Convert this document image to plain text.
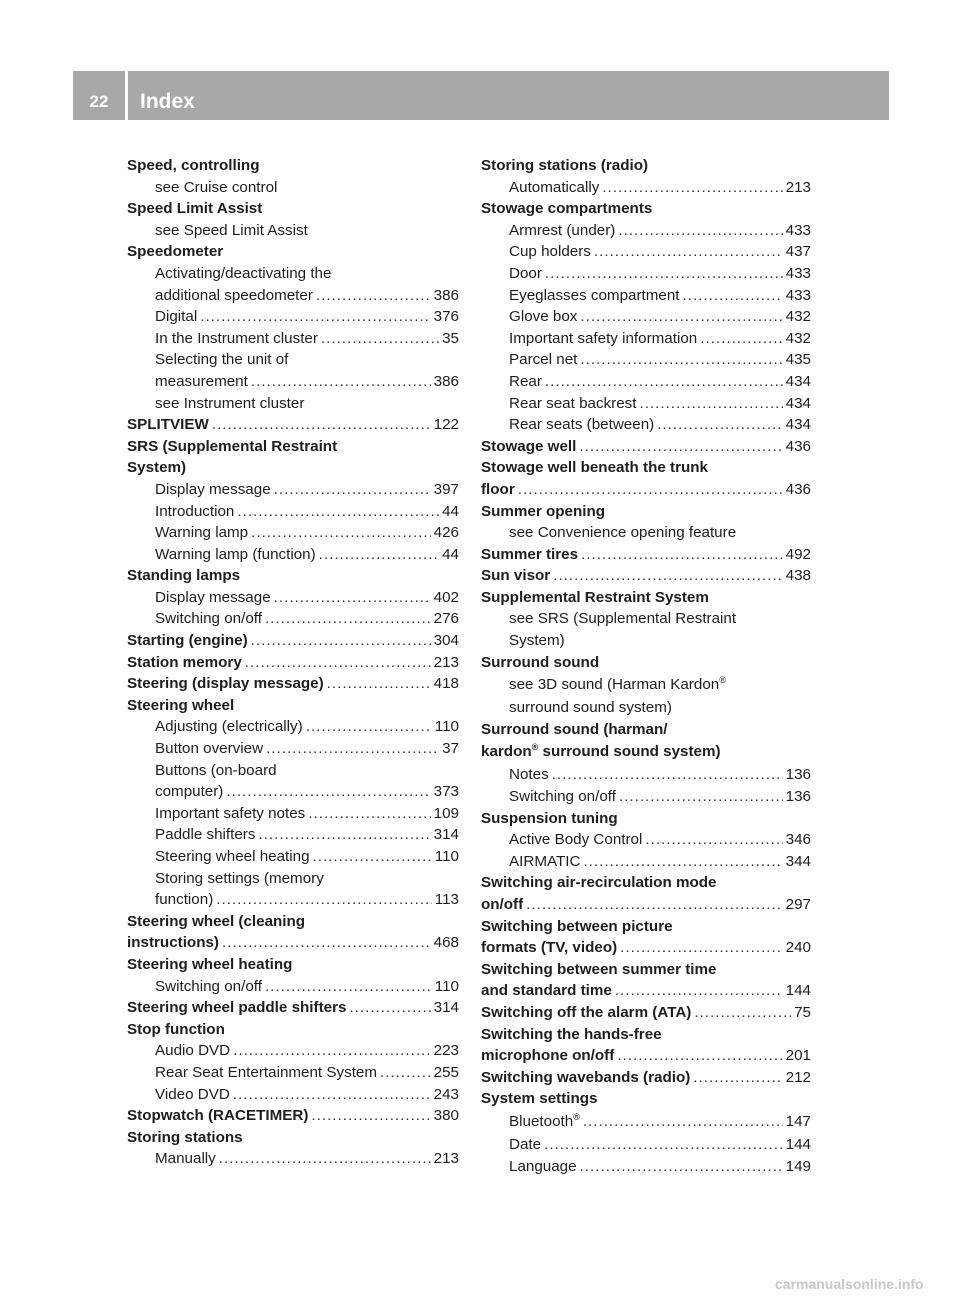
22	Index
Speed, controlling
see Cruise control
Speed Limit Assist
see Speed Limit Assist
Speedometer
Activating/deactivating the
additional speedometer .....	386
Digital .....	376
In the Instrument cluster .....	35
Selecting the unit of
measurement .....	386
see Instrument cluster
SPLITVIEW .....	122
SRS (Supplemental Restraint
System)
Display message .....	397
Introduction .....	44
Warning lamp .....	426
Warning lamp (function) .....	44
Standing lamps
Display message .....	402
Switching on/off .....	276
Starting (engine) .....	304
Station memory .....	213
Steering (display message) .....	418
Steering wheel
Adjusting (electrically) .....	110
Button overview .....	37
Buttons (on-board
computer) .....	373
Important safety notes .....	109
Paddle shifters .....	314
Steering wheel heating .....	110
Storing settings (memory
function) .....	113
Steering wheel (cleaning
instructions) .....	468
Steering wheel heating
Switching on/off .....	110
Steering wheel paddle shifters .....	314
Stop function
Audio DVD .....	223
Rear Seat Entertainment System .....	255
Video DVD .....	243
Stopwatch (RACETIMER) .....	380
Storing stations
Manually .....	213
Storing stations (radio)
Automatically .....	213
Stowage compartments
Armrest (under) .....	433
Cup holders .....	437
Door .....	433
Eyeglasses compartment .....	433
Glove box .....	432
Important safety information .....	432
Parcel net .....	435
Rear .....	434
Rear seat backrest .....	434
Rear seats (between) .....	434
Stowage well .....	436
Stowage well beneath the trunk
floor .....	436
Summer opening
see Convenience opening feature
Summer tires .....	492
Sun visor .....	438
Supplemental Restraint System
see SRS (Supplemental Restraint
System)
Surround sound
see 3D sound (Harman Kardon®
surround sound system)
Surround sound (harman/
kardon® surround sound system)
Notes .....	136
Switching on/off .....	136
Suspension tuning
Active Body Control .....	346
AIRMATIC .....	344
Switching air-recirculation mode
on/off .....	297
Switching between picture
formats (TV, video) .....	240
Switching between summer time
and standard time .....	144
Switching off the alarm (ATA) .....	75
Switching the hands-free
microphone on/off .....	201
Switching wavebands (radio) .....	212
System settings
Bluetooth® .....	147
Date .....	144
Language .....	149
carmanualsonline.info
